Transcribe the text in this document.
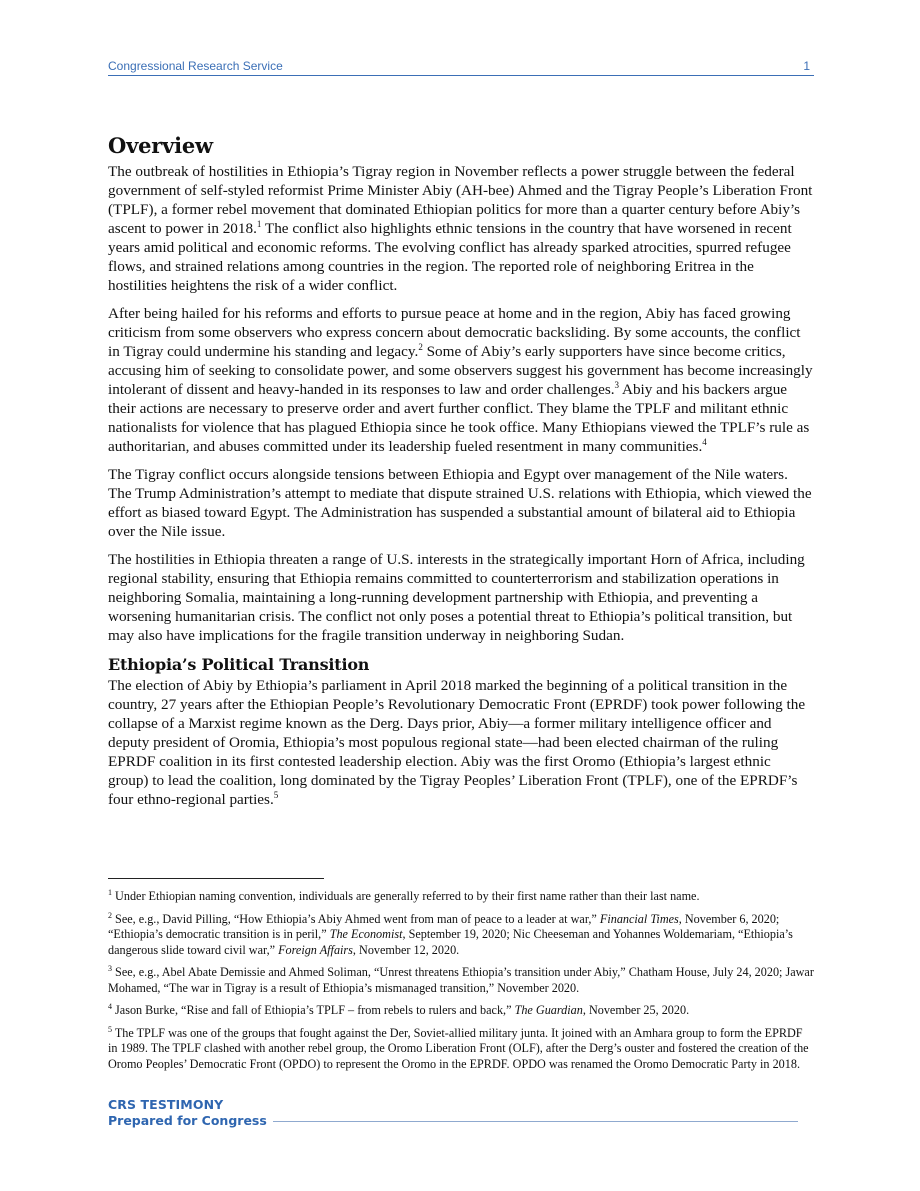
Congressional Research Service	1
Overview

The outbreak of hostilities in Ethiopia’s Tigray region in November reflects a power struggle between the federal government of self-styled reformist Prime Minister Abiy (AH-bee) Ahmed and the Tigray People’s Liberation Front (TPLF), a former rebel movement that dominated Ethiopian politics for more than a quarter century before Abiy’s ascent to power in 2018.$^1$ The conflict also highlights ethnic tensions in the country that have worsened in recent years amid political and economic reforms. The evolving conflict has already sparked atrocities, spurred refugee flows, and strained relations among countries in the region. The reported role of neighboring Eritrea in the hostilities heightens the risk of a wider conflict.

After being hailed for his reforms and efforts to pursue peace at home and in the region, Abiy has faced growing criticism from some observers who express concern about democratic backsliding. By some accounts, the conflict in Tigray could undermine his standing and legacy.$^2$ Some of Abiy’s early supporters have since become critics, accusing him of seeking to consolidate power, and some observers suggest his government has become increasingly intolerant of dissent and heavy-handed in its responses to law and order challenges.$^3$ Abiy and his backers argue their actions are necessary to preserve order and avert further conflict. They blame the TPLF and militant ethnic nationalists for violence that has plagued Ethiopia since he took office. Many Ethiopians viewed the TPLF’s rule as authoritarian, and abuses committed under its leadership fueled resentment in many communities.$^4$

The Tigray conflict occurs alongside tensions between Ethiopia and Egypt over management of the Nile waters. The Trump Administration’s attempt to mediate that dispute strained U.S. relations with Ethiopia, which viewed the effort as biased toward Egypt. The Administration has suspended a substantial amount of bilateral aid to Ethiopia over the Nile issue.

The hostilities in Ethiopia threaten a range of U.S. interests in the strategically important Horn of Africa, including regional stability, ensuring that Ethiopia remains committed to counterterrorism and stabilization operations in neighboring Somalia, maintaining a long-running development partnership with Ethiopia, and preventing a worsening humanitarian crisis. The conflict not only poses a potential threat to Ethiopia’s political transition, but may also have implications for the fragile transition underway in neighboring Sudan.

Ethiopia’s Political Transition

The election of Abiy by Ethiopia’s parliament in April 2018 marked the beginning of a political transition in the country, 27 years after the Ethiopian People’s Revolutionary Democratic Front (EPRDF) took power following the collapse of a Marxist regime known as the Derg. Days prior, Abiy—a former military intelligence officer and deputy president of Oromia, Ethiopia’s most populous regional state—had been elected chairman of the ruling EPRDF coalition in its first contested leadership election. Abiy was the first Oromo (Ethiopia’s largest ethnic group) to lead the coalition, long dominated by the Tigray Peoples’ Liberation Front (TPLF), one of the EPRDF’s four ethno-regional parties.$^5$

$^1$ Under Ethiopian naming convention, individuals are generally referred to by their first name rather than their last name.

$^2$ See, e.g., David Pilling, “How Ethiopia’s Abiy Ahmed went from man of peace to a leader at war,” Financial Times, November 6, 2020; “Ethiopia’s democratic transition is in peril,” The Economist, September 19, 2020; Nic Cheeseman and Yohannes Woldemariam, “Ethiopia’s dangerous slide toward civil war,” Foreign Affairs, November 12, 2020.

$^3$ See, e.g., Abel Abate Demissie and Ahmed Soliman, “Unrest threatens Ethiopia’s transition under Abiy,” Chatham House, July 24, 2020; Jawar Mohamed, “The war in Tigray is a result of Ethiopia’s mismanaged transition,” November 2020.

$^4$ Jason Burke, “Rise and fall of Ethiopia’s TPLF – from rebels to rulers and back,” The Guardian, November 25, 2020.

$^5$ The TPLF was one of the groups that fought against the Der, Soviet-allied military junta. It joined with an Amhara group to form the EPRDF in 1989. The TPLF clashed with another rebel group, the Oromo Liberation Front (OLF), after the Derg’s ouster and fostered the creation of the Oromo Peoples’ Democratic Front (OPDO) to represent the Oromo in the EPRDF. OPDO was renamed the Oromo Democratic Party in 2018.

CRS TESTIMONY
Prepared for Congress
